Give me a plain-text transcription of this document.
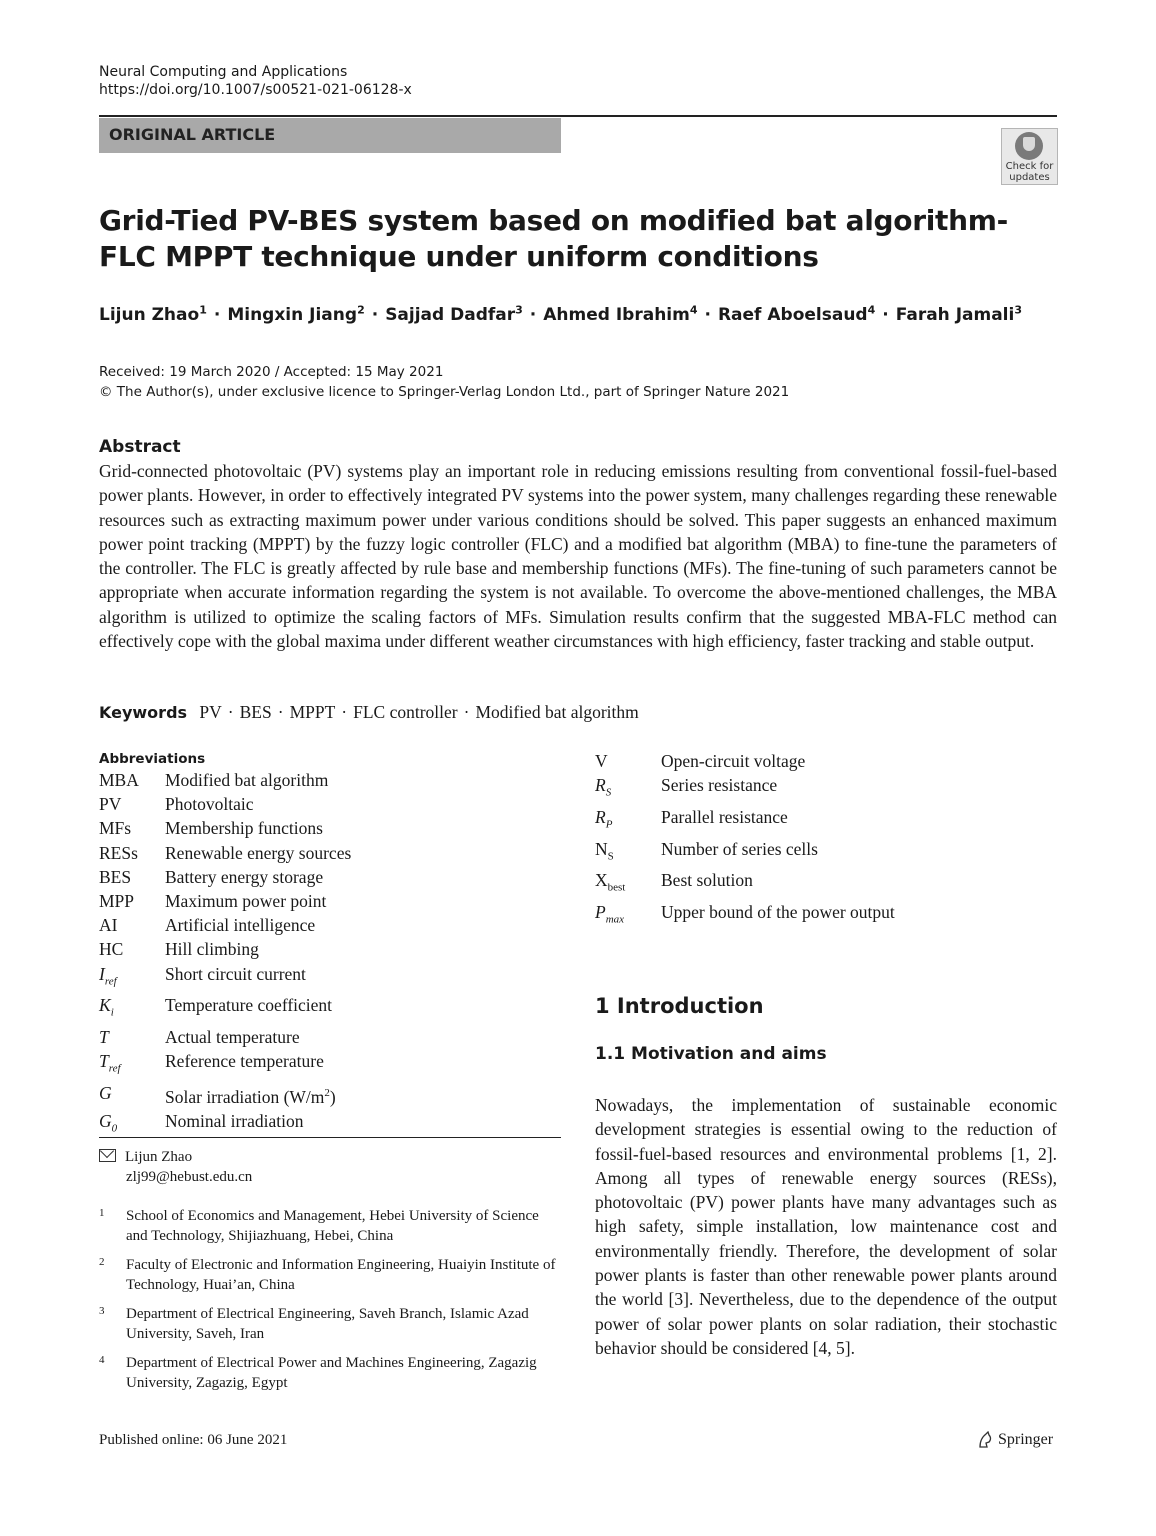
Neural Computing and Applications
https://doi.org/10.1007/s00521-021-06128-x
ORIGINAL ARTICLE
Check for
updates
Grid-Tied PV-BES system based on modified bat algorithm-FLC MPPT technique under uniform conditions
Lijun Zhao$^1$ · Mingxin Jiang$^2$ · Sajjad Dadfar$^3$ · Ahmed Ibrahim$^4$ · Raef Aboelsaud$^4$ · Farah Jamali$^3$
Received: 19 March 2020 / Accepted: 15 May 2021
© The Author(s), under exclusive licence to Springer-Verlag London Ltd., part of Springer Nature 2021
Abstract
Grid-connected photovoltaic (PV) systems play an important role in reducing emissions resulting from conventional fossil-fuel-based power plants. However, in order to effectively integrated PV systems into the power system, many challenges regarding these renewable resources such as extracting maximum power under various conditions should be solved. This paper suggests an enhanced maximum power point tracking (MPPT) by the fuzzy logic controller (FLC) and a modified bat algorithm (MBA) to fine-tune the parameters of the controller. The FLC is greatly affected by rule base and membership functions (MFs). The fine-tuning of such parameters cannot be appropriate when accurate information regarding the system is not available. To overcome the above-mentioned challenges, the MBA algorithm is utilized to optimize the scaling factors of MFs. Simulation results confirm that the suggested MBA-FLC method can effectively cope with the global maxima under different weather circumstances with high efficiency, faster tracking and stable output.
Keywords PV · BES · MPPT · FLC controller · Modified bat algorithm
Abbreviations
MBA	Modified bat algorithm
PV	Photovoltaic
MFs	Membership functions
RESs	Renewable energy sources
BES	Battery energy storage
MPP	Maximum power point
AI	Artificial intelligence
HC	Hill climbing
$I_{ref}$	Short circuit current
$K_i$	Temperature coefficient
T	Actual temperature
$T_{ref}$	Reference temperature
G	Solar irradiation $(W/m^2)$
$G_0$	Nominal irradiation
V	Open-circuit voltage
$R_S$	Series resistance
$R_P$	Parallel resistance
$N_S$	Number of series cells
$X_{best}$	Best solution
$P_{max}$	Upper bound of the power output
Lijun Zhao
zlj99@hebust.edu.cn
1 School of Economics and Management, Hebei University of Science and Technology, Shijiazhuang, Hebei, China
2 Faculty of Electronic and Information Engineering, Huaiyin Institute of Technology, Huai’an, China
3 Department of Electrical Engineering, Saveh Branch, Islamic Azad University, Saveh, Iran
4 Department of Electrical Power and Machines Engineering, Zagazig University, Zagazig, Egypt
1 Introduction
1.1 Motivation and aims
Nowadays, the implementation of sustainable economic development strategies is essential owing to the reduction of fossil-fuel-based resources and environmental problems [1, 2]. Among all types of renewable energy sources (RESs), photovoltaic (PV) power plants have many advantages such as high safety, simple installation, low maintenance cost and environmentally friendly. Therefore, the development of solar power plants is faster than other renewable power plants around the world [3]. Nevertheless, due to the dependence of the output power of solar power plants on solar radiation, their stochastic behavior should be considered [4, 5].
Published online: 06 June 2021	Springer
